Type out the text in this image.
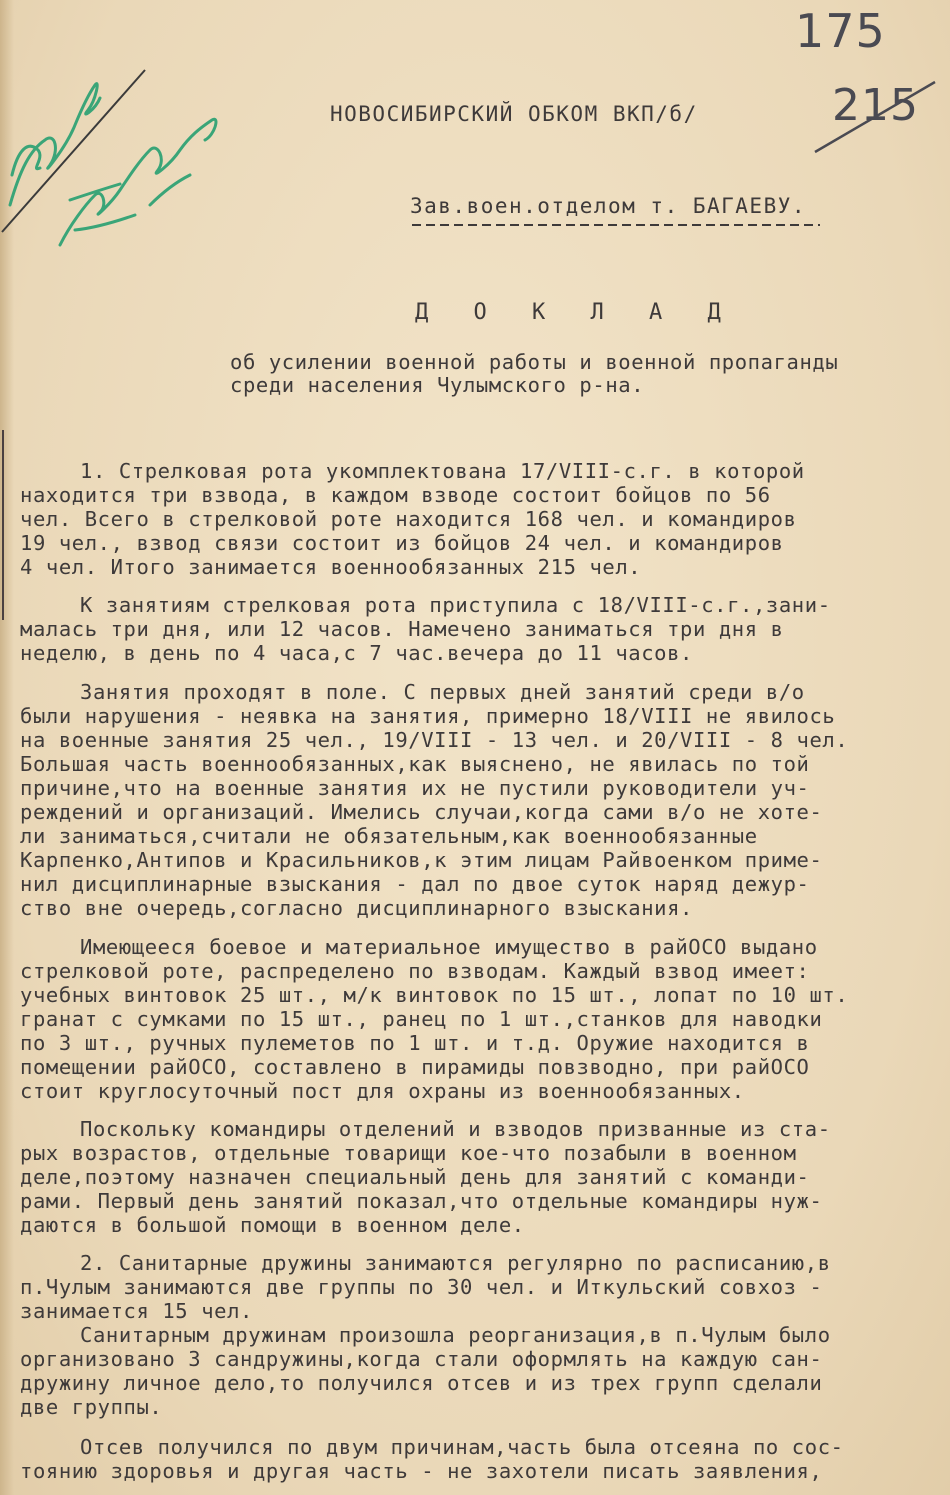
175
215
НОВОСИБИРСКИЙ ОБКОМ ВКП/б/
Зав.воен.отделом т. БАГАЕВУ.
Д О К Л А Д
об усилении военной работы и военной пропаганды
среди населения Чулымского р-на.
1. Стрелковая рота укомплектована 17/VIII-с.г. в которой
находится три взвода, в каждом взводе состоит бойцов по 56
чел. Всего в стрелковой роте находится 168 чел. и командиров
19 чел., взвод связи состоит из бойцов 24 чел. и командиров
4 чел. Итого занимается военнообязанных 215 чел.
К занятиям стрелковая рота приступила с 18/VIII-с.г.,зани-
малась три дня, или 12 часов. Намечено заниматься три дня в
неделю, в день по 4 часа,с 7 час.вечера до 11 часов.
Занятия проходят в поле. С первых дней занятий среди в/о
были нарушения - неявка на занятия, примерно 18/VIII не явилось
на военные занятия 25 чел., 19/VIII - 13 чел. и 20/VIII - 8 чел.
Большая часть военнообязанных,как выяснено, не явилась по той
причине,что на военные занятия их не пустили руководители уч-
реждений и организаций. Имелись случаи,когда сами в/о не хоте-
ли заниматься,считали не обязательным,как военнообязанные
Карпенко,Антипов и Красильников,к этим лицам Райвоенком приме-
нил дисциплинарные взыскания - дал по двое суток наряд дежур-
ство вне очередь,согласно дисциплинарного взыскания.
Имеющееся боевое и материальное имущество в райОСО выдано
стрелковой роте, распределено по взводам. Каждый взвод имеет:
учебных винтовок 25 шт., м/к винтовок по 15 шт., лопат по 10 шт.
гранат с сумками по 15 шт., ранец по 1 шт.,станков для наводки
по 3 шт., ручных пулеметов по 1 шт. и т.д. Оружие находится в
помещении райОСО, составлено в пирамиды повзводно, при райОСО
стоит круглосуточный пост для охраны из военнообязанных.
Поскольку командиры отделений и взводов призванные из ста-
рых возрастов, отдельные товарищи кое-что позабыли в военном
деле,поэтому назначен специальный день для занятий с команди-
рами. Первый день занятий показал,что отдельные командиры нуж-
даются в большой помощи в военном деле.
2. Санитарные дружины занимаются регулярно по расписанию,в
п.Чулым занимаются две группы по 30 чел. и Иткульский совхоз -
занимается 15 чел.
Санитарным дружинам произошла реорганизация,в п.Чулым было
организовано 3 сандружины,когда стали оформлять на каждую сан-
дружину личное дело,то получился отсев и из трех групп сделали
две группы.
Отсев получился по двум причинам,часть была отсеяна по сос-
тоянию здоровья и другая часть - не захотели писать заявления,
